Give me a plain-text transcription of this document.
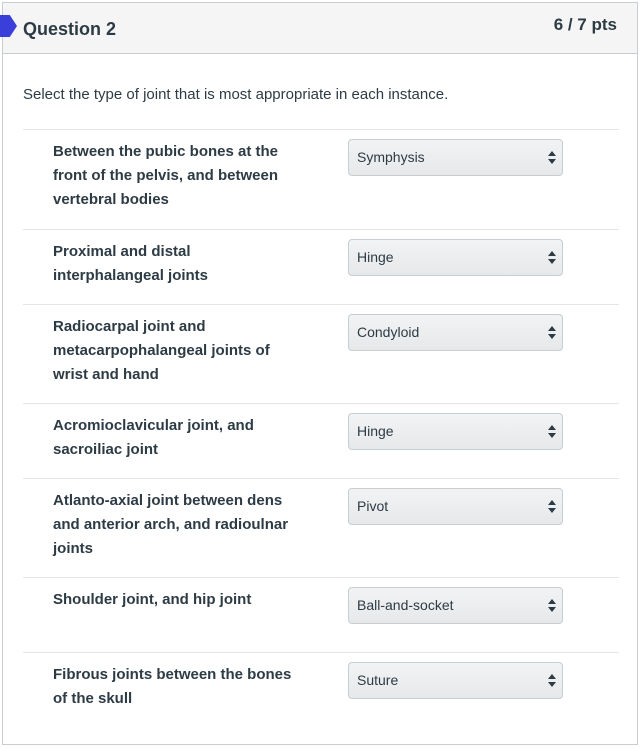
Question 2	6 / 7 pts
Select the type of joint that is most appropriate in each instance.
Between the pubic bones at the front of the pelvis, and between vertebral bodies
Symphysis
Proximal and distal interphalangeal joints
Hinge
Radiocarpal joint and metacarpophalangeal joints of wrist and hand
Condyloid
Acromioclavicular joint, and sacroiliac joint
Hinge
Atlanto-axial joint between dens and anterior arch, and radioulnar joints
Pivot
Shoulder joint, and hip joint	Ball-and-socket
Fibrous joints between the bones of the skull
Suture
